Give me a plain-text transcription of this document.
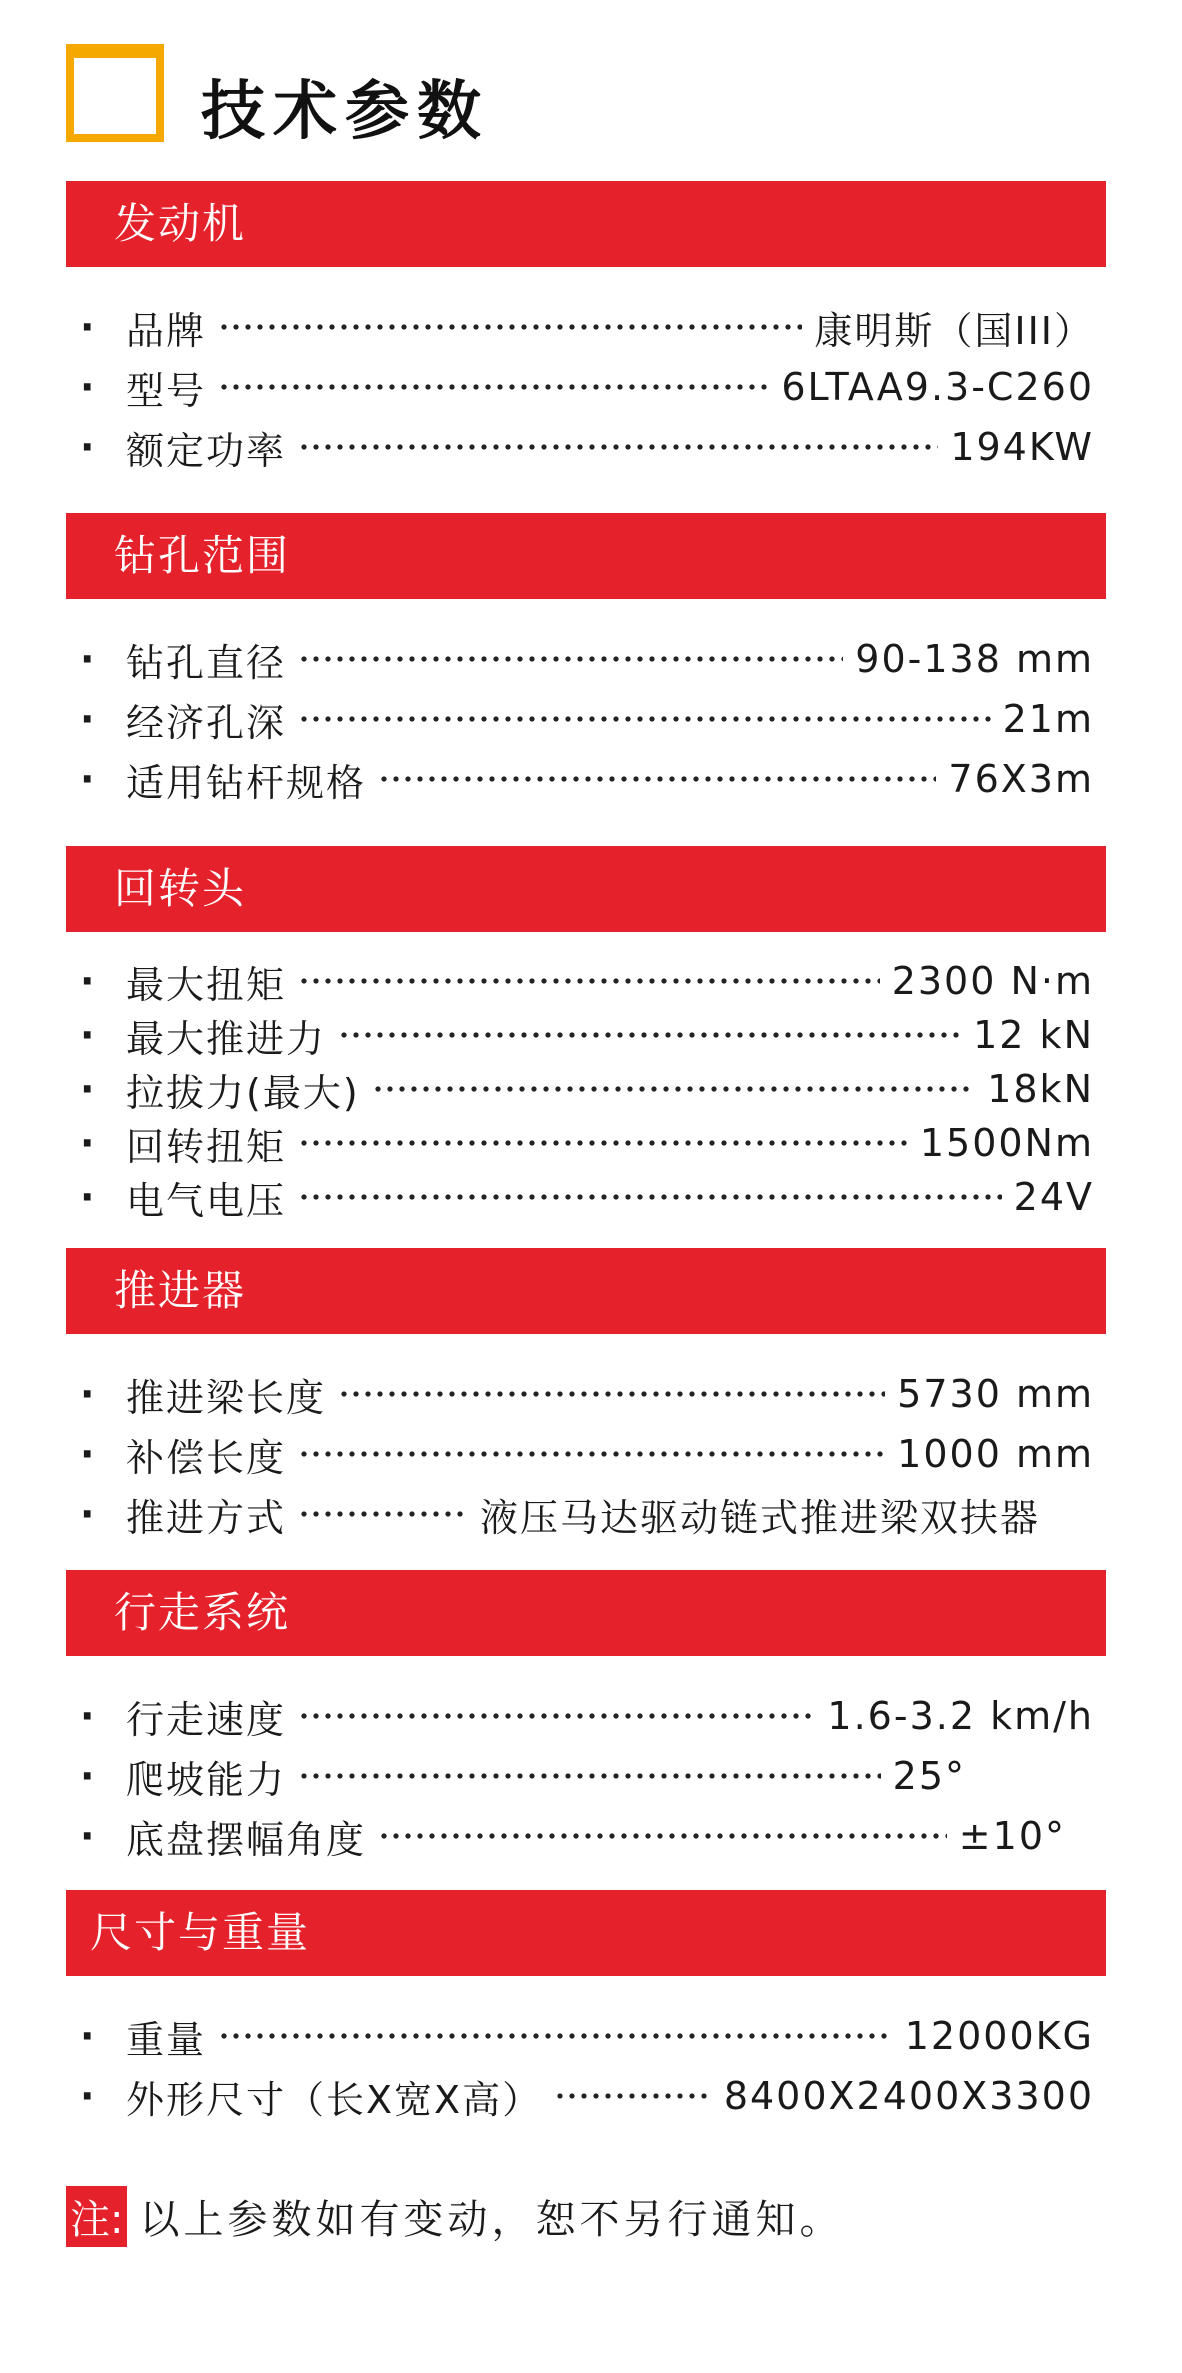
技术参数
发动机
· 品牌	康明斯（国III）
· 型号	6LTAA9.3-C260
· 额定功率	194KW
钻孔范围
· 钻孔直径	90-138 mm
· 经济孔深	21m
· 适用钻杆规格	76X3m
回转头
· 最大扭矩	2300 N·m
· 最大推进力	12 kN
· 拉拔力(最大)	18kN
· 回转扭矩	1500Nm
· 电气电压	24V
推进器
· 推进梁长度	5730 mm
· 补偿长度	1000 mm
· 推进方式	液压马达驱动链式推进梁双扶器
行走系统
· 行走速度	1.6-3.2 km/h
· 爬坡能力	25°
· 底盘摆幅角度	±10°
尺寸与重量
· 重量	12000KG
· 外形尺寸（长X宽X高）	8400X2400X3300
注: 以上参数如有变动，恕不另行通知。
